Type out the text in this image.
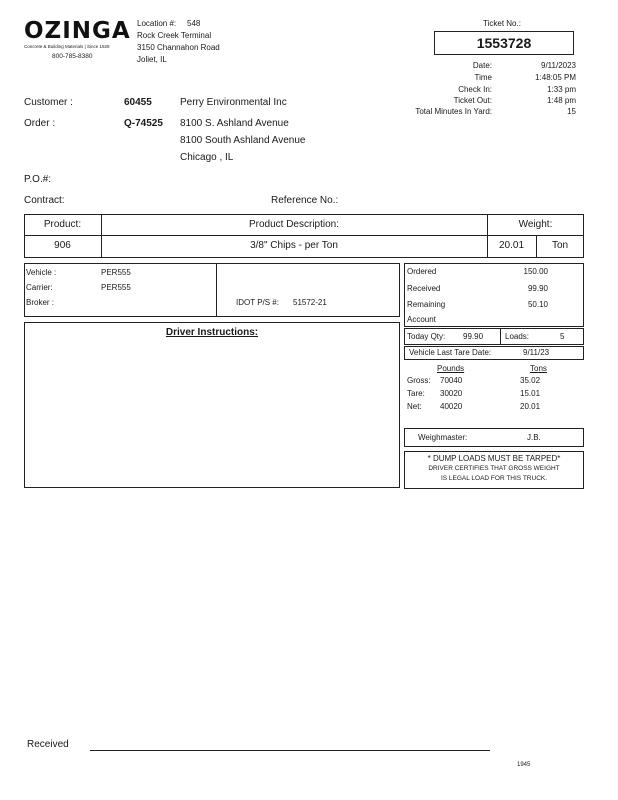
OZINGA
Concrete & Building Materials | Since 1928
800-785-8380
Location #: 548
Rock Creek Terminal
3150 Channahon Road
Joliet, IL
Ticket No.:
1553728
Date:	9/11/2023
Time	1:48:05 PM
Check In:	1:33 pm
Ticket Out:	1:48 pm
Total Minutes In Yard:	15
Customer :	60455	Perry Environmental Inc
Order :	Q-74525 8100 S. Ashland Avenue
8100 South Ashland Avenue
Chicago , IL
P.O.#:
Contract:	Reference No.:
Product:	Product Description:	Weight:
906	3/8" Chips - per Ton	20.01	Ton
Vehicle :	PER555
Carrier:	PER555
Broker :	IDOT P/S #: 51572-21
Ordered	150.00
Received	99.90
Remaining	50.10
Account
Today Qty: 99.90	Loads:	5
Vehicle Last Tare Date:	9/11/23
Pounds	Tons
Gross: 70040	35.02
Tare: 30020	15.01
Net: 40020	20.01
Weighmaster:	J.B.
* DUMP LOADS MUST BE TARPED*
DRIVER CERTIFIES THAT GROSS WEIGHT
IS LEGAL LOAD FOR THIS TRUCK.
Driver Instructions:
Received
1945
